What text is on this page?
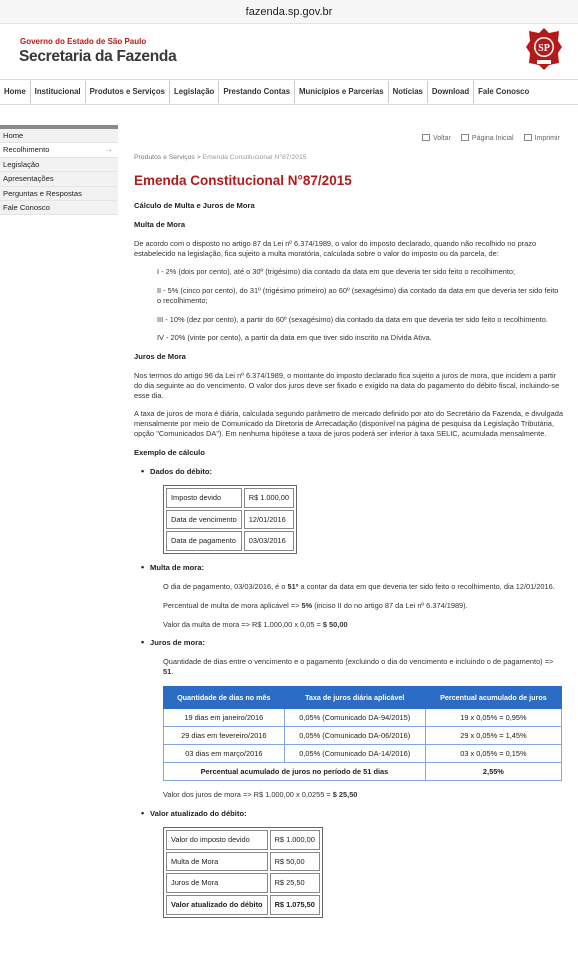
fazenda.sp.gov.br
Governo do Estado de São Paulo
Secretaria da Fazenda	SP
Home	Institucional	Produtos e Serviços	Legislação	Prestando Contas	Municípios e Parcerias	Notícias	Download	Fale Conosco
Home
Recolhimento	→
Legislação
Apresentações
Perguntas e Respostas
Fale Conosco
Voltar	Página Inicial	Imprimir
Produtos e Serviços > Emenda Constitucional N°87/2015
Emenda Constitucional N°87/2015
Cálculo de Multa e Juros de Mora
Multa de Mora

De acordo com o disposto no artigo 87 da Lei nº 6.374/1989, o valor do imposto declarado, quando não recolhido no prazo estabelecido na legislação, fica sujeito a multa moratória, calculada sobre o valor do imposto ou da parcela, de:

I - 2% (dois por cento), até o 30º (trigésimo) dia contado da data em que deveria ter sido feito o recolhimento;

II - 5% (cinco por cento), do 31º (trigésimo primeiro) ao 60º (sexagésimo) dia contado da data em que deveria ter sido feito o recolhimento;

III - 10% (dez por cento), a partir do 60º (sexagésimo) dia contado da data em que deveria ter sido feito o recolhimento.

IV - 20% (vinte por cento), a partir da data em que tiver sido inscrito na Dívida Ativa.

Juros de Mora

Nos termos do artigo 96 da Lei nº 6.374/1989, o montante do imposto declarado fica sujeito a juros de mora, que incidem a partir do dia seguinte ao do vencimento. O valor dos juros deve ser fixado e exigido na data do pagamento do débito fiscal, incluindo-se esse dia.

A taxa de juros de mora é diária, calculada segundo parâmetro de mercado definido por ato do Secretário da Fazenda, e divulgada mensalmente por meio de Comunicado da Diretoria de Arrecadação (disponível na página de pesquisa da Legislação Tributária, opção "Comunicados DA"). Em nenhuma hipótese a taxa de juros poderá ser inferior à taxa SELIC, acumulada mensalmente.

Exemplo de cálculo
• Dados do débito:
Imposto devido	R$ 1.000,00
Data de vencimento	12/01/2016
Data de pagamento	03/03/2016
• Multa de mora:

O dia de pagamento, 03/03/2016, é o 51º a contar da data em que deveria ter sido feito o recolhimento, dia 12/01/2016.

Percentual de multa de mora aplicável => 5% (inciso II do no artigo 87 da Lei nº 6.374/1989).

Valor da multa de mora => R$ 1.000,00 x 0,05 = $ 50,00

• Juros de mora:

Quantidade de dias entre o vencimento e o pagamento (excluindo o dia do vencimento e incluindo o de pagamento) => 51.

Quantidade de dias no mês	Taxa de juros diária aplicável	Percentual acumulado de juros
19 dias em janeiro/2016	0,05% (Comunicado DA-94/2015)	19 x 0,05% = 0,95%
29 dias em fevereiro/2016	0,05% (Comunicado DA-06/2016)	29 x 0,05% = 1,45%
03 dias em março/2016	0,05% (Comunicado DA-14/2016)	03 x 0,05% = 0,15%
Percentual acumulado de juros no período de 51 dias		2,55%

Valor dos juros de mora => R$ 1.000,00 x 0,0255 = $ 25,50

• Valor atualizado do débito:
Valor do imposto devido	R$ 1.000,00
Multa de Mora	R$ 50,00
Juros de Mora	R$ 25,50
Valor atualizado do débito	R$ 1.075,50
